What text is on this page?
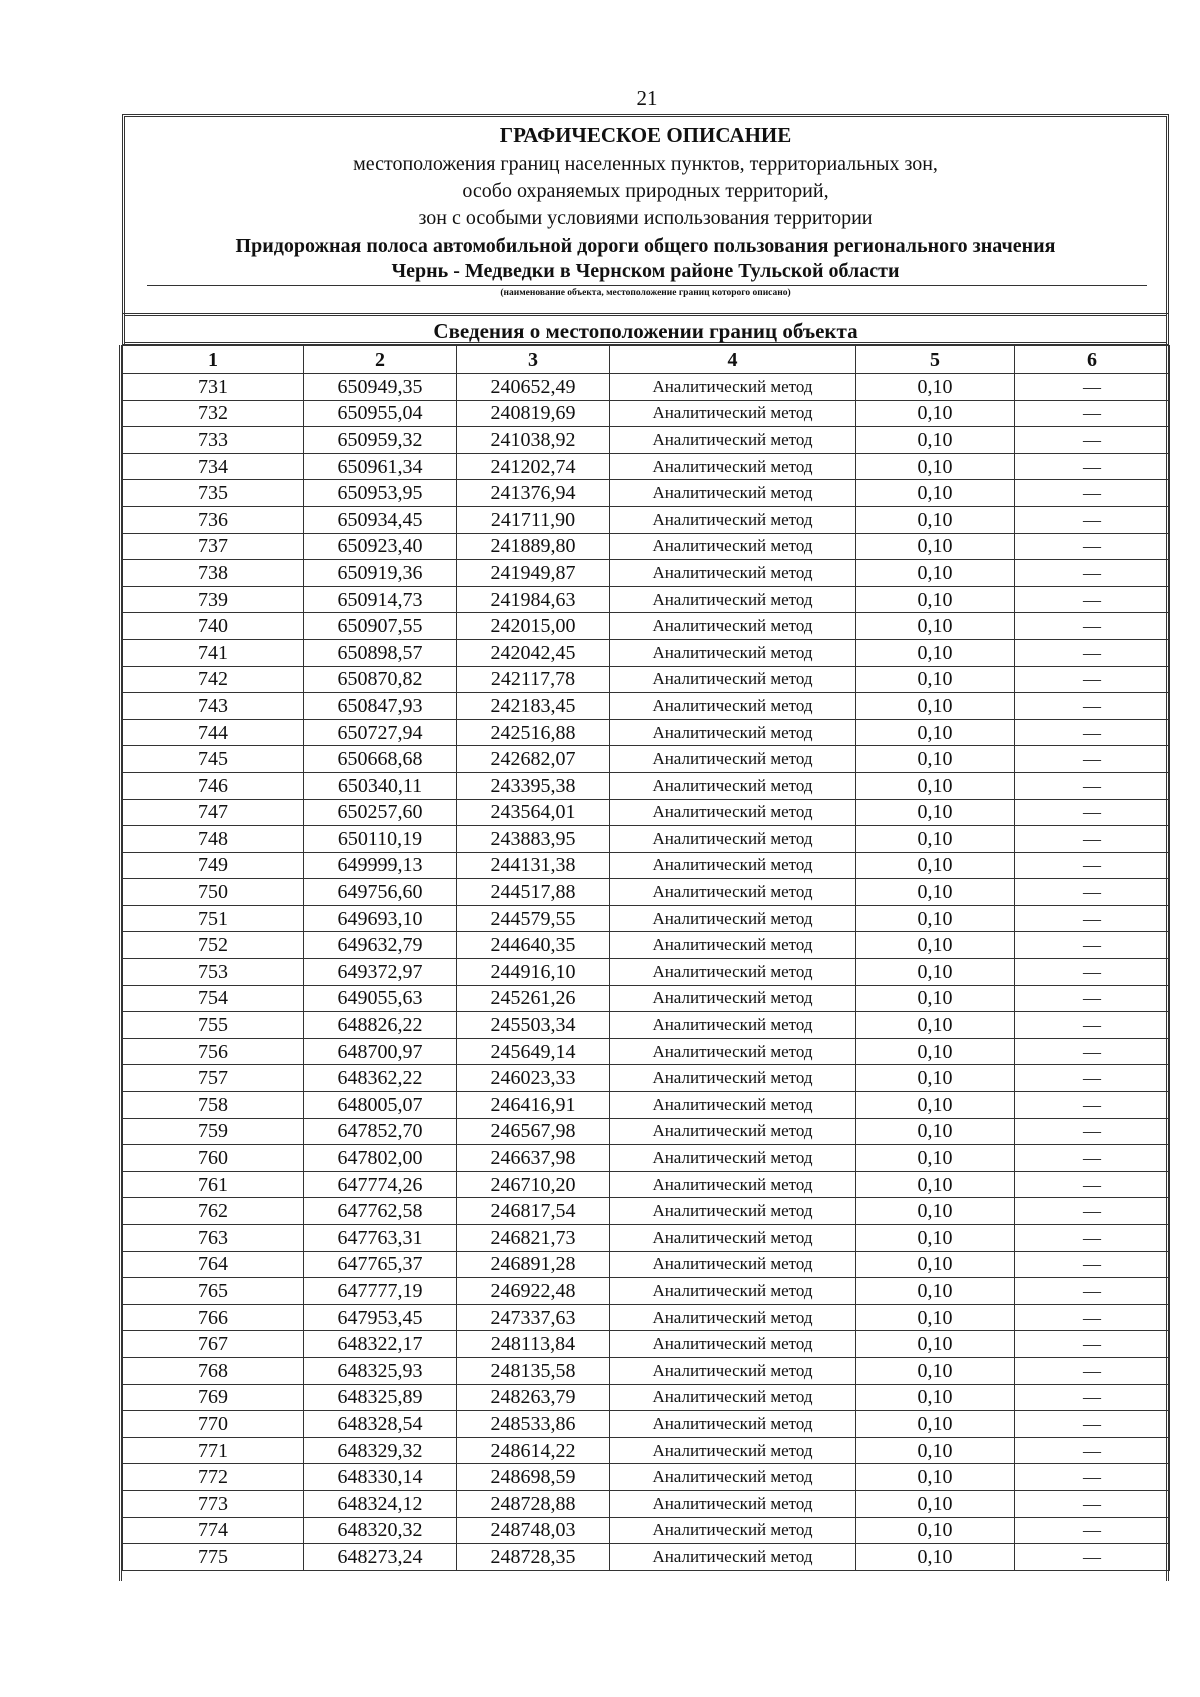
21
ГРАФИЧЕСКОЕ ОПИСАНИЕ
местоположения границ населенных пунктов, территориальных зон,
особо охраняемых природных территорий,
зон с особыми условиями использования территории
Придорожная полоса автомобильной дороги общего пользования регионального значения
Чернь - Медведки в Чернском районе Тульской области
(наименование объекта, местоположение границ которого описано)
Сведения о местоположении границ объекта
1	2	3	4	5	6
731	650949,35	240652,49	Аналитический метод	0,10	—
732	650955,04	240819,69	Аналитический метод	0,10	—
733	650959,32	241038,92	Аналитический метод	0,10	—
734	650961,34	241202,74	Аналитический метод	0,10	—
735	650953,95	241376,94	Аналитический метод	0,10	—
736	650934,45	241711,90	Аналитический метод	0,10	—
737	650923,40	241889,80	Аналитический метод	0,10	—
738	650919,36	241949,87	Аналитический метод	0,10	—
739	650914,73	241984,63	Аналитический метод	0,10	—
740	650907,55	242015,00	Аналитический метод	0,10	—
741	650898,57	242042,45	Аналитический метод	0,10	—
742	650870,82	242117,78	Аналитический метод	0,10	—
743	650847,93	242183,45	Аналитический метод	0,10	—
744	650727,94	242516,88	Аналитический метод	0,10	—
745	650668,68	242682,07	Аналитический метод	0,10	—
746	650340,11	243395,38	Аналитический метод	0,10	—
747	650257,60	243564,01	Аналитический метод	0,10	—
748	650110,19	243883,95	Аналитический метод	0,10	—
749	649999,13	244131,38	Аналитический метод	0,10	—
750	649756,60	244517,88	Аналитический метод	0,10	—
751	649693,10	244579,55	Аналитический метод	0,10	—
752	649632,79	244640,35	Аналитический метод	0,10	—
753	649372,97	244916,10	Аналитический метод	0,10	—
754	649055,63	245261,26	Аналитический метод	0,10	—
755	648826,22	245503,34	Аналитический метод	0,10	—
756	648700,97	245649,14	Аналитический метод	0,10	—
757	648362,22	246023,33	Аналитический метод	0,10	—
758	648005,07	246416,91	Аналитический метод	0,10	—
759	647852,70	246567,98	Аналитический метод	0,10	—
760	647802,00	246637,98	Аналитический метод	0,10	—
761	647774,26	246710,20	Аналитический метод	0,10	—
762	647762,58	246817,54	Аналитический метод	0,10	—
763	647763,31	246821,73	Аналитический метод	0,10	—
764	647765,37	246891,28	Аналитический метод	0,10	—
765	647777,19	246922,48	Аналитический метод	0,10	—
766	647953,45	247337,63	Аналитический метод	0,10	—
767	648322,17	248113,84	Аналитический метод	0,10	—
768	648325,93	248135,58	Аналитический метод	0,10	—
769	648325,89	248263,79	Аналитический метод	0,10	—
770	648328,54	248533,86	Аналитический метод	0,10	—
771	648329,32	248614,22	Аналитический метод	0,10	—
772	648330,14	248698,59	Аналитический метод	0,10	—
773	648324,12	248728,88	Аналитический метод	0,10	—
774	648320,32	248748,03	Аналитический метод	0,10	—
775	648273,24	248728,35	Аналитический метод	0,10	—
